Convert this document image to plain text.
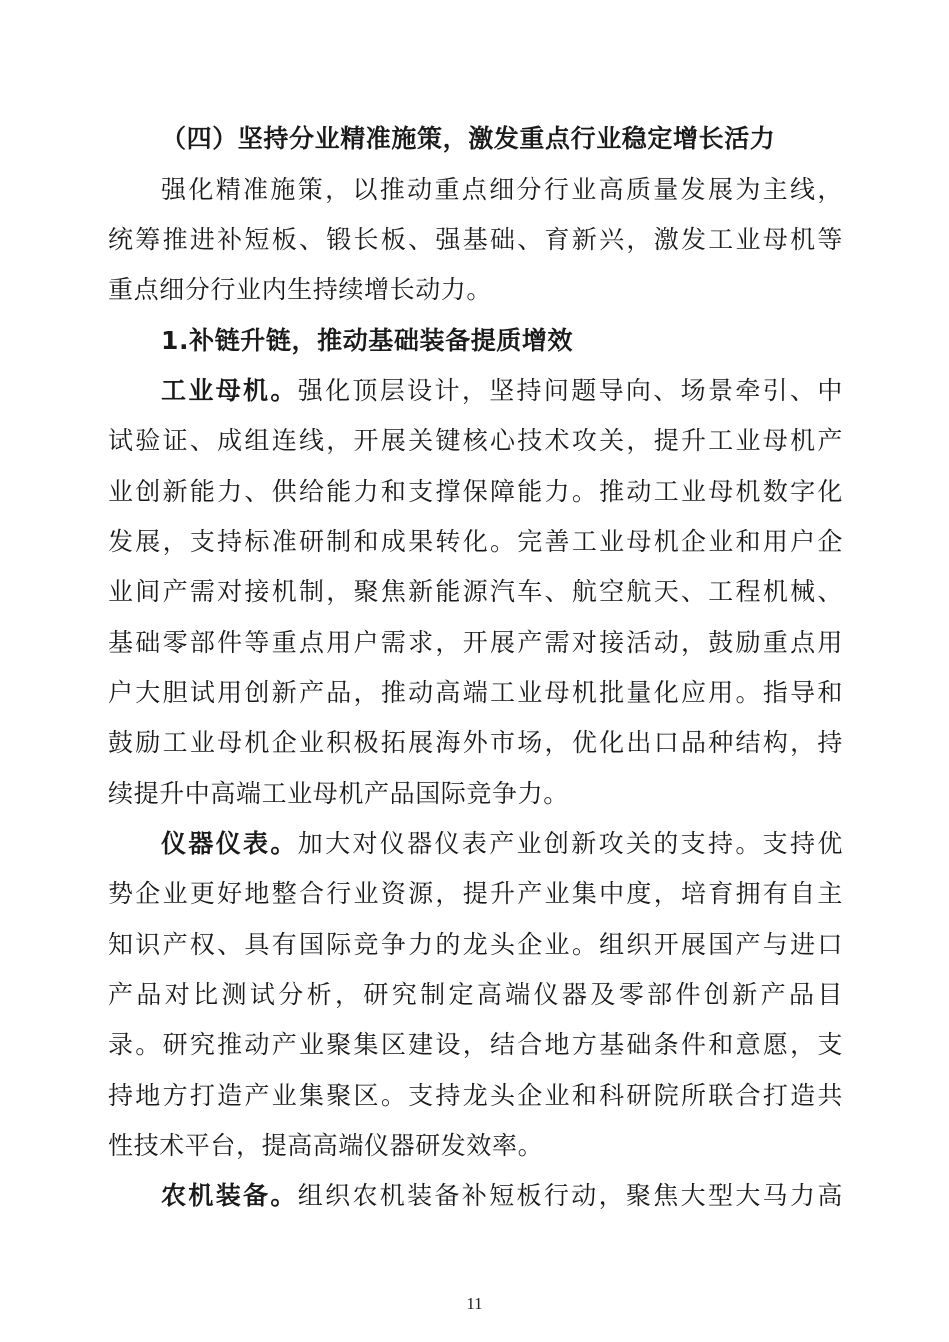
（四）坚持分业精准施策，激发重点行业稳定增长活力
强化精准施策，以推动重点细分行业高质量发展为主线，
统筹推进补短板、锻长板、强基础、育新兴，激发工业母机等
重点细分行业内生持续增长动力。
1.补链升链，推动基础装备提质增效
工业母机。强化顶层设计，坚持问题导向、场景牵引、中
试验证、成组连线，开展关键核心技术攻关，提升工业母机产
业创新能力、供给能力和支撑保障能力。推动工业母机数字化
发展，支持标准研制和成果转化。完善工业母机企业和用户企
业间产需对接机制，聚焦新能源汽车、航空航天、工程机械、
基础零部件等重点用户需求，开展产需对接活动，鼓励重点用
户大胆试用创新产品，推动高端工业母机批量化应用。指导和
鼓励工业母机企业积极拓展海外市场，优化出口品种结构，持
续提升中高端工业母机产品国际竞争力。
仪器仪表。加大对仪器仪表产业创新攻关的支持。支持优
势企业更好地整合行业资源，提升产业集中度，培育拥有自主
知识产权、具有国际竞争力的龙头企业。组织开展国产与进口
产品对比测试分析，研究制定高端仪器及零部件创新产品目
录。研究推动产业聚集区建设，结合地方基础条件和意愿，支
持地方打造产业集聚区。支持龙头企业和科研院所联合打造共
性技术平台，提高高端仪器研发效率。
农机装备。组织农机装备补短板行动，聚焦大型大马力高
11
